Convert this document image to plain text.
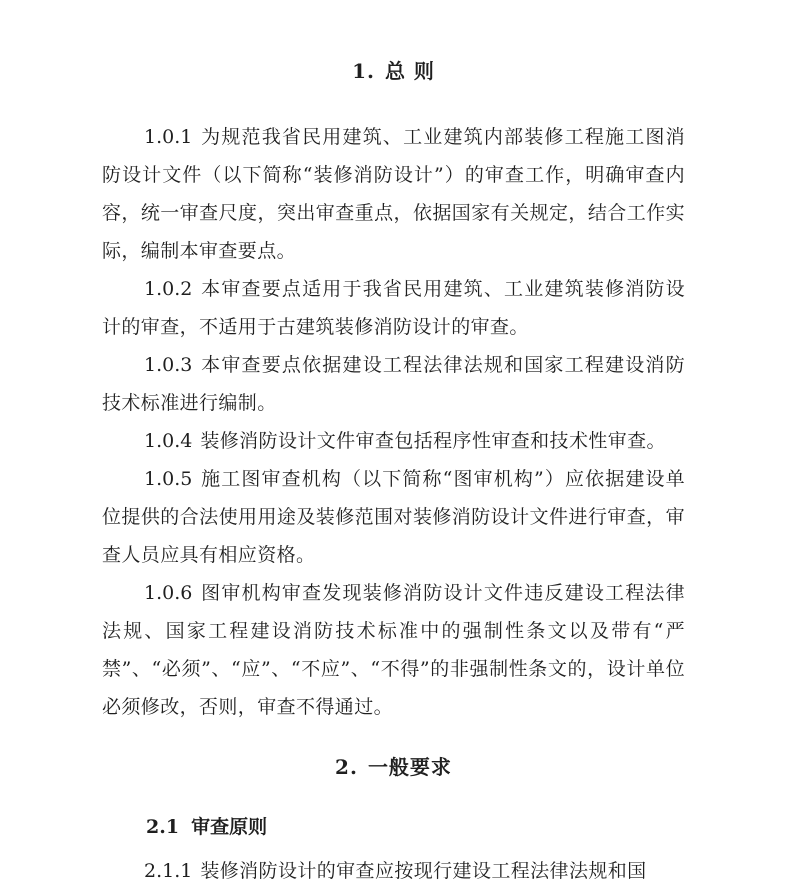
1. 总 则

1.0.1 为规范我省民用建筑、工业建筑内部装修工程施工图消防设计文件（以下简称“装修消防设计”）的审查工作，明确审查内容，统一审查尺度，突出审查重点，依据国家有关规定，结合工作实际，编制本审查要点。

1.0.2 本审查要点适用于我省民用建筑、工业建筑装修消防设计的审查，不适用于古建筑装修消防设计的审查。

1.0.3 本审查要点依据建设工程法律法规和国家工程建设消防技术标准进行编制。

1.0.4 装修消防设计文件审查包括程序性审查和技术性审查。

1.0.5 施工图审查机构（以下简称“图审机构”）应依据建设单位提供的合法使用用途及装修范围对装修消防设计文件进行审查，审查人员应具有相应资格。

1.0.6 图审机构审查发现装修消防设计文件违反建设工程法律法规、国家工程建设消防技术标准中的强制性条文以及带有“严禁”、“必须”、“应”、“不应”、“不得”的非强制性条文的，设计单位必须修改，否则，审查不得通过。

2. 一般要求
2.1 审查原则

2.1.1 装修消防设计的审查应按现行建设工程法律法规和国
